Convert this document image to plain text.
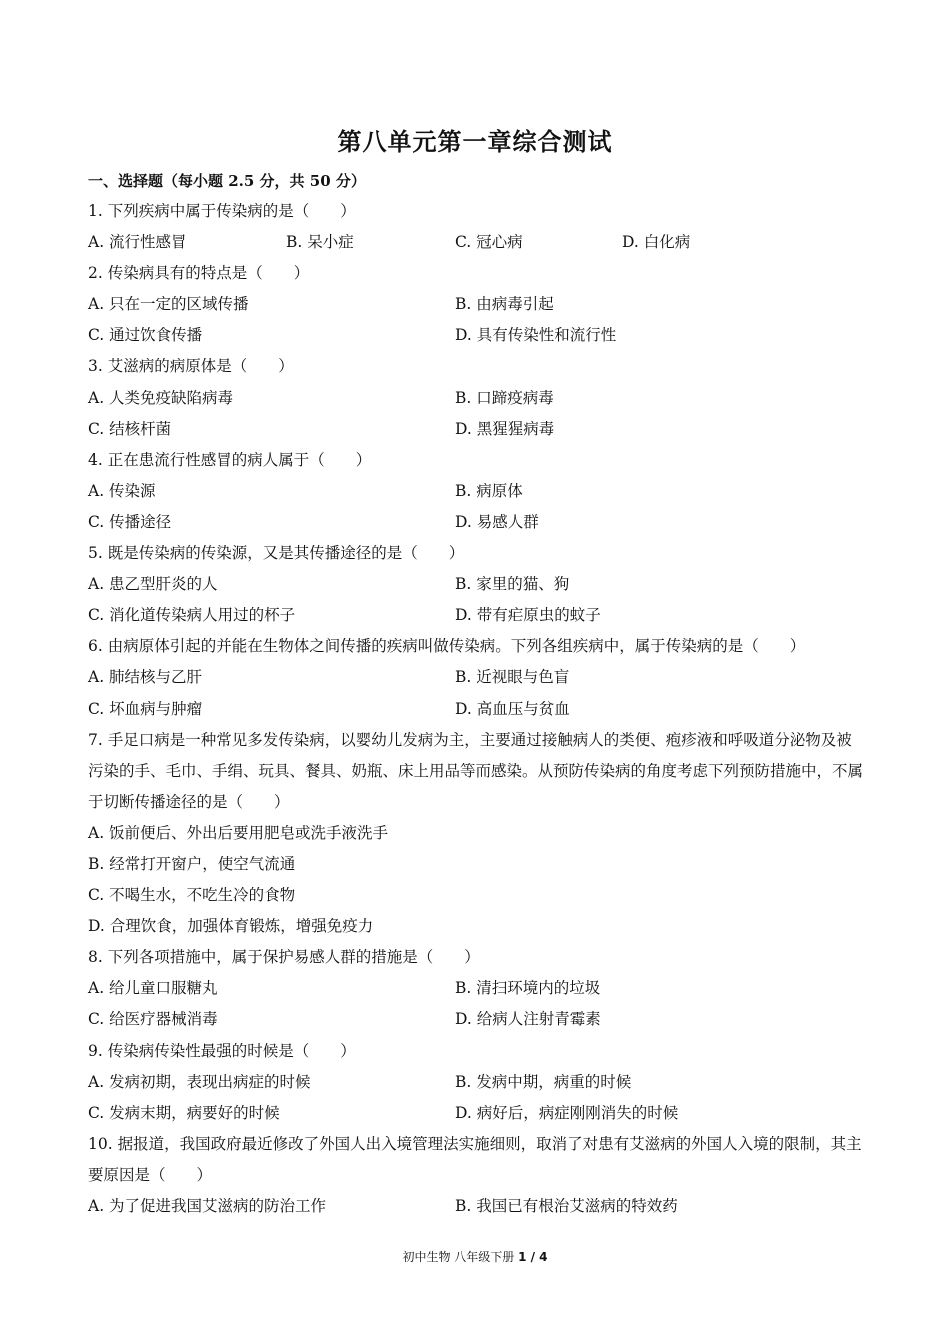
第八单元第一章综合测试
一、选择题（每小题 2.5 分，共 50 分）
1. 下列疾病中属于传染病的是（　　）
A. 流行性感冒	B. 呆小症	C. 冠心病	D. 白化病
2. 传染病具有的特点是（　　）
A. 只在一定的区域传播	B. 由病毒引起
C. 通过饮食传播	D. 具有传染性和流行性
3. 艾滋病的病原体是（　　）
A. 人类免疫缺陷病毒	B. 口蹄疫病毒
C. 结核杆菌	D. 黑猩猩病毒
4. 正在患流行性感冒的病人属于（　　）
A. 传染源	B. 病原体
C. 传播途径	D. 易感人群
5. 既是传染病的传染源，又是其传播途径的是（　　）
A. 患乙型肝炎的人	B. 家里的猫、狗
C. 消化道传染病人用过的杯子	D. 带有疟原虫的蚊子
6. 由病原体引起的并能在生物体之间传播的疾病叫做传染病。下列各组疾病中，属于传染病的是（　　）
A. 肺结核与乙肝	B. 近视眼与色盲
C. 坏血病与肿瘤	D. 高血压与贫血
7. 手足口病是一种常见多发传染病，以婴幼儿发病为主，主要通过接触病人的类便、疱疹液和呼吸道分泌物及被污染的手、毛巾、手绢、玩具、餐具、奶瓶、床上用品等而感染。从预防传染病的角度考虑下列预防措施中，不属于切断传播途径的是（　　）
A. 饭前便后、外出后要用肥皂或洗手液洗手
B. 经常打开窗户，使空气流通
C. 不喝生水，不吃生冷的食物
D. 合理饮食，加强体育锻炼，增强免疫力
8. 下列各项措施中，属于保护易感人群的措施是（　　）
A. 给儿童口服糖丸	B. 清扫环境内的垃圾
C. 给医疗器械消毒	D. 给病人注射青霉素
9. 传染病传染性最强的时候是（　　）
A. 发病初期，表现出病症的时候	B. 发病中期，病重的时候
C. 发病末期，病要好的时候	D. 病好后，病症刚刚消失的时候
10. 据报道，我国政府最近修改了外国人出入境管理法实施细则，取消了对患有艾滋病的外国人入境的限制，其主要原因是（　　）
A. 为了促进我国艾滋病的防治工作	B. 我国已有根治艾滋病的特效药
初中生物 八年级下册 1 / 4
